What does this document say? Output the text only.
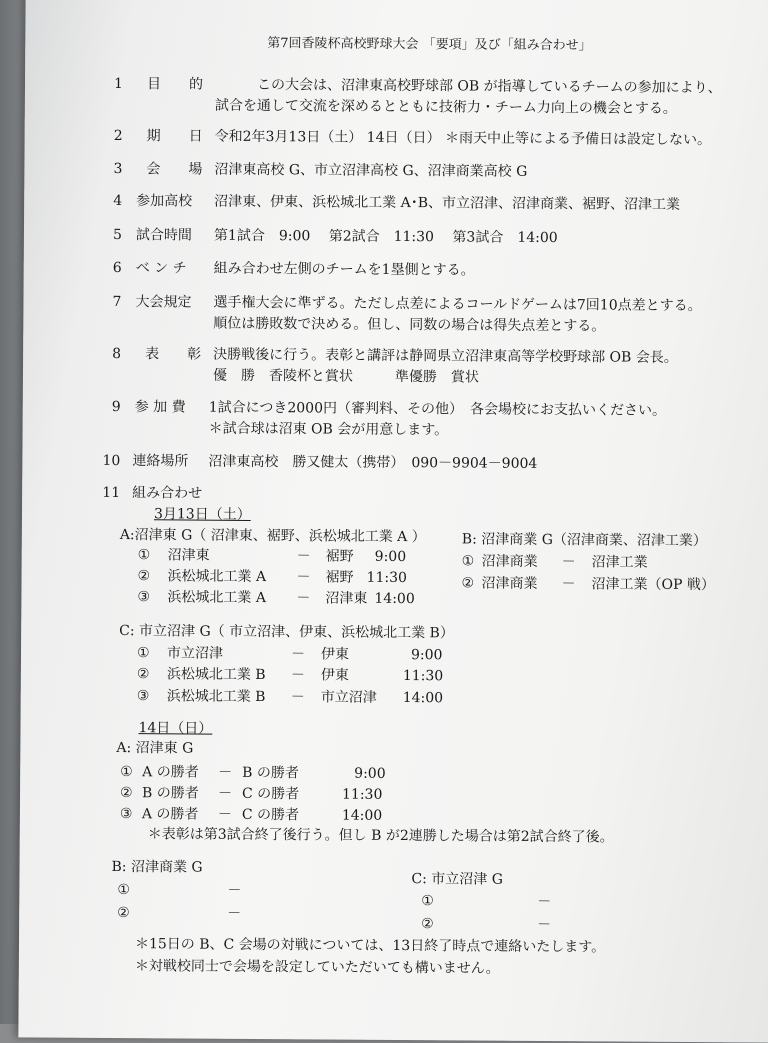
第7回香陵杯高校野球大会 「要項」及び「組み合わせ」
1 目　　的	この大会は、沼津東高校野球部 OB が指導しているチームの参加により、
試合を通して交流を深めるとともに技術力・チーム力向上の機会とする。
2 期　　日 令和2年3月13日（土） 14日（日） ＊雨天中止等による予備日は設定しない。
3 会　　場 沼津東高校 G、市立沼津高校 G、沼津商業高校 G
4 参加高校 沼津東、伊東、浜松城北工業 A･B、市立沼津、沼津商業、裾野、沼津工業
5 試合時間 第1試合　9:00　 第2試合　11:30　 第3試合　14:00
6 ベ ン チ 組み合わせ左側のチームを1塁側とする。
7 大会規定 選手権大会に準ずる。ただし点差によるコールドゲームは7回10点差とする。
順位は勝敗数で決める。但し、同数の場合は得失点差とする。
8 表　　彰 決勝戦後に行う。表彰と講評は静岡県立沼津東高等学校野球部 OB 会長。
優　勝　香陵杯と賞状　　　準優勝　賞状
9 参 加 費 1試合につき2000円（審判料、その他）　各会場校にお支払いください。
＊試合球は沼東 OB 会が用意します。
10 連絡場所 沼津東高校　勝又健太（携帯）　090－9904－9004
11 組み合わせ
3月13日（土）
A:沼津東 G（ 沼津東、裾野、浜松城北工業 A ）	B: 沼津商業 G（沼津商業、沼津工業）
① 沼津東	－ 裾野 9:00
② 浜松城北工業 A － 裾野 11:30
③ 浜松城北工業 A － 沼津東 14:00
① 沼津商業 － 沼津工業
② 沼津商業 － 沼津工業（OP 戦）
C: 市立沼津 G（ 市立沼津、伊東、浜松城北工業 B）
① 市立沼津	－ 伊東	9:00
② 浜松城北工業 B － 伊東	11:30
③ 浜松城北工業 B － 市立沼津 14:00
14日（日）
A: 沼津東 G
① A の勝者 － B の勝者	9:00
② B の勝者 － C の勝者	11:30
③ A の勝者 － C の勝者	14:00
＊表彰は第3試合終了後行う。但し B が2連勝した場合は第2試合終了後。
B: 沼津商業 G
C: 市立沼津 G
①	－
②	－
①	－
②	－
＊15日の B、C 会場の対戦については、13日終了時点で連絡いたします。
＊対戦校同士で会場を設定していただいても構いません。
